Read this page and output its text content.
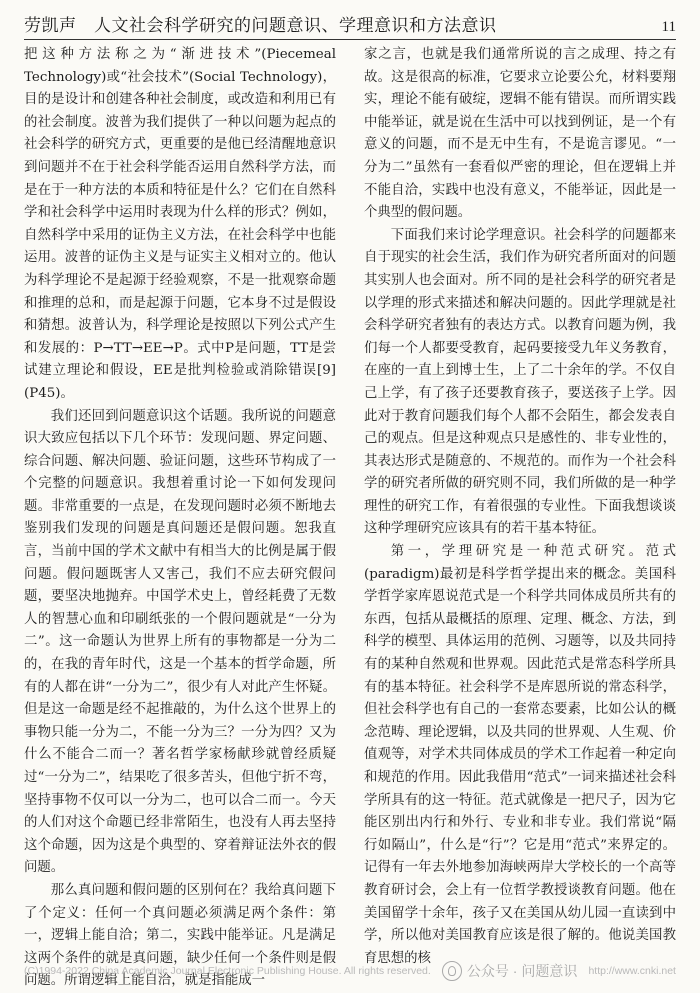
劳凯声　人文社会科学研究的问题意识、学理意识和方法意识	11

把这种方法称之为“渐进技术”(Piecemeal Technology)或“社会技术”(Social Technology)，目的是设计和创建各种社会制度，或改造和利用已有的社会制度。波普为我们提供了一种以问题为起点的社会科学的研究方式，更重要的是他已经清醒地意识到问题并不在于社会科学能否运用自然科学方法，而是在于一种方法的本质和特征是什么？它们在自然科学和社会科学中运用时表现为什么样的形式？例如，自然科学中采用的证伪主义方法，在社会科学中也能运用。波普的证伪主义是与证实主义相对立的。他认为科学理论不是起源于经验观察，不是一批观察命题和推理的总和，而是起源于问题，它本身不过是假设和猜想。波普认为，科学理论是按照以下列公式产生和发展的：P→TT→EE→P。式中P是问题，TT是尝试建立理论和假设，EE是批判检验或消除错误[9](P45)。

我们还回到问题意识这个话题。我所说的问题意识大致应包括以下几个环节：发现问题、界定问题、综合问题、解决问题、验证问题，这些环节构成了一个完整的问题意识。我想着重讨论一下如何发现问题。非常重要的一点是，在发现问题时必须不断地去鉴别我们发现的问题是真问题还是假问题。恕我直言，当前中国的学术文献中有相当大的比例是属于假问题。假问题既害人又害己，我们不应去研究假问题，要坚决地抛弃。中国学术史上，曾经耗费了无数人的智慧心血和印刷纸张的一个假问题就是“一分为二”。这一命题认为世界上所有的事物都是一分为二的，在我的青年时代，这是一个基本的哲学命题，所有的人都在讲“一分为二”，很少有人对此产生怀疑。但是这一命题是经不起推敲的，为什么这个世界上的事物只能一分为二，不能一分为三？一分为四？又为什么不能合二而一？著名哲学家杨献珍就曾经质疑过“一分为二”，结果吃了很多苦头，但他宁折不弯，坚持事物不仅可以一分为二，也可以合二而一。今天的人们对这个命题已经非常陌生，也没有人再去坚持这个命题，因为这是个典型的、穿着辩证法外衣的假问题。

那么真问题和假问题的区别何在？我给真问题下了个定义：任何一个真问题必须满足两个条件：第一，逻辑上能自洽；第二，实践中能举证。凡是满足这两个条件的就是真问题，缺少任何一个条件则是假问题。所谓逻辑上能自洽，就是指能成一

家之言，也就是我们通常所说的言之成理、持之有故。这是很高的标准，它要求立论要公允，材料要翔实，理论不能有破绽，逻辑不能有错误。而所谓实践中能举证，就是说在生活中可以找到例证，是一个有意义的问题，而不是无中生有，不是诡言谬见。“一分为二”虽然有一套看似严密的理论，但在逻辑上并不能自洽，实践中也没有意义，不能举证，因此是一个典型的假问题。

下面我们来讨论学理意识。社会科学的问题都来自于现实的社会生活，我们作为研究者所面对的问题其实别人也会面对。所不同的是社会科学的研究者是以学理的形式来描述和解决问题的。因此学理就是社会科学研究者独有的表达方式。以教育问题为例，我们每一个人都要受教育，起码要接受九年义务教育，在座的一直上到博士生，上了二十余年的学。不仅自己上学，有了孩子还要教育孩子，要送孩子上学。因此对于教育问题我们每个人都不会陌生，都会发表自己的观点。但是这种观点只是感性的、非专业性的，其表达形式是随意的、不规范的。而作为一个社会科学的研究者所做的研究则不同，我们所做的是一种学理性的研究工作，有着很强的专业性。下面我想谈谈这种学理研究应该具有的若干基本特征。

第一，学理研究是一种范式研究。范式(paradigm)最初是科学哲学提出来的概念。美国科学哲学家库恩说范式是一个科学共同体成员所共有的东西，包括从最概括的原理、定理、概念、方法，到科学的模型、具体运用的范例、习题等，以及共同持有的某种自然观和世界观。因此范式是常态科学所具有的基本特征。社会科学不是库恩所说的常态科学，但社会科学也有自己的一套常态要素，比如公认的概念范畴、理论逻辑，以及共同的世界观、人生观、价值观等，对学术共同体成员的学术工作起着一种定向和规范的作用。因此我借用“范式”一词来描述社会科学所具有的这一特征。范式就像是一把尺子，因为它能区别出内行和外行、专业和非专业。我们常说“隔行如隔山”，什么是“行”？它是用“范式”来界定的。记得有一年去外地参加海峡两岸大学校长的一个高等教育研讨会，会上有一位哲学教授谈教育问题。他在美国留学十余年，孩子又在美国从幼儿园一直读到中学，所以他对美国教育应该是很了解的。他说美国教育思想的核

(C)1994-2022 China Academic Journal Electronic Publishing House. All rights reserved.	公众号 · 问题意识 http://www.cnki.net
